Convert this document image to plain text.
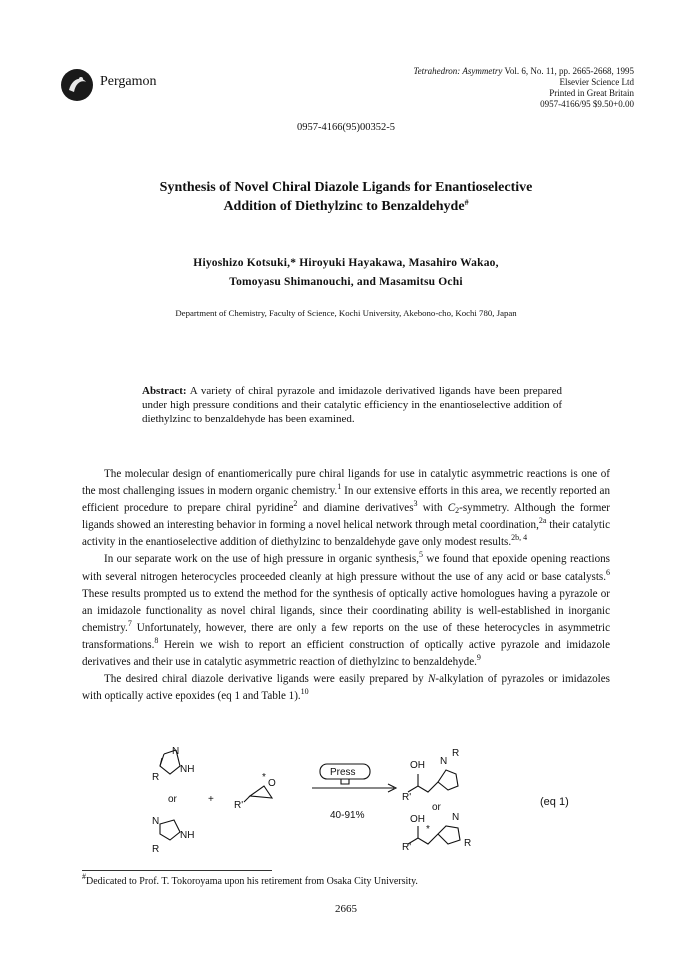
Pergamon
Tetrahedron: Asymmetry Vol. 6, No. 11, pp. 2665-2668, 1995
Elsevier Science Ltd
Printed in Great Britain
0957-4166/95 $9.50+0.00
0957-4166(95)00352-5
Synthesis of Novel Chiral Diazole Ligands for Enantioselective
Addition of Diethylzinc to Benzaldehyde#
Hiyoshizo Kotsuki,* Hiroyuki Hayakawa, Masahiro Wakao,
Tomoyasu Shimanouchi, and Masamitsu Ochi
Department of Chemistry, Faculty of Science, Kochi University, Akebono-cho, Kochi 780, Japan
Abstract: A variety of chiral pyrazole and imidazole derivatived ligands have been prepared under high pressure conditions and their catalytic efficiency in the enantioselective addition of diethylzinc to benzaldehyde has been examined.

The molecular design of enantiomerically pure chiral ligands for use in catalytic asymmetric reactions is one of the most challenging issues in modern organic chemistry.$^1$ In our extensive efforts in this area, we recently reported an efficient procedure to prepare chiral pyridine$^2$ and diamine derivatives$^3$ with $C_2$-symmetry. Although the former ligands showed an interesting behavior in forming a novel helical network through metal coordination,$^{2a}$ their catalytic activity in the enantioselective addition of diethylzinc to benzaldehyde gave only modest results.$^{2b, 4}$

In our separate work on the use of high pressure in organic synthesis,$^5$ we found that epoxide opening reactions with several nitrogen heterocycles proceeded cleanly at high pressure without the use of any acid or base catalysts.$^6$ These results prompted us to extend the method for the synthesis of optically active homologues having a pyrazole or an imidazole functionality as novel chiral ligands, since their coordinating ability is well-established in inorganic chemistry.$^7$ Unfortunately, however, there are only a few reports on the use of these heterocycles in asymmetric transformations.$^8$ Herein we wish to report an efficient construction of optically active pyrazole and imidazole derivatives and their use in catalytic asymmetric reaction of diethylzinc to benzaldehyde.$^9$

The desired chiral diazole derivative ligands were easily prepared by N-alkylation of pyrazoles or imidazoles with optically active epoxides (eq 1 and Table 1).$^{10}$

N
NH
R
or	+
R'
*
O
N
NH
R
Press
40-91%
OH
R'
N
R
or
OH
R'
*
N
R
(eq 1)
#Dedicated to Prof. T. Tokoroyama upon his retirement from Osaka City University.
2665
